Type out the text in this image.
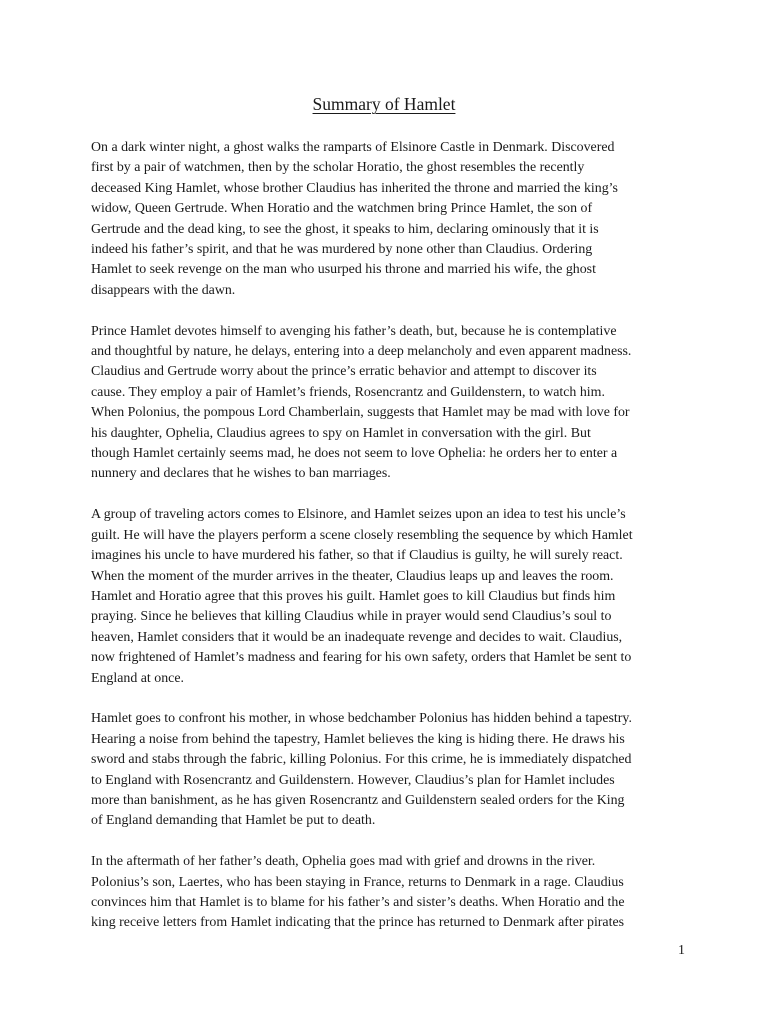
Summary of Hamlet

On a dark winter night, a ghost walks the ramparts of Elsinore Castle in Denmark. Discovered
first by a pair of watchmen, then by the scholar Horatio, the ghost resembles the recently
deceased King Hamlet, whose brother Claudius has inherited the throne and married the king’s
widow, Queen Gertrude. When Horatio and the watchmen bring Prince Hamlet, the son of
Gertrude and the dead king, to see the ghost, it speaks to him, declaring ominously that it is
indeed his father’s spirit, and that he was murdered by none other than Claudius. Ordering
Hamlet to seek revenge on the man who usurped his throne and married his wife, the ghost
disappears with the dawn.

Prince Hamlet devotes himself to avenging his father’s death, but, because he is contemplative
and thoughtful by nature, he delays, entering into a deep melancholy and even apparent madness.
Claudius and Gertrude worry about the prince’s erratic behavior and attempt to discover its
cause. They employ a pair of Hamlet’s friends, Rosencrantz and Guildenstern, to watch him.
When Polonius, the pompous Lord Chamberlain, suggests that Hamlet may be mad with love for
his daughter, Ophelia, Claudius agrees to spy on Hamlet in conversation with the girl. But
though Hamlet certainly seems mad, he does not seem to love Ophelia: he orders her to enter a
nunnery and declares that he wishes to ban marriages.

A group of traveling actors comes to Elsinore, and Hamlet seizes upon an idea to test his uncle’s
guilt. He will have the players perform a scene closely resembling the sequence by which Hamlet
imagines his uncle to have murdered his father, so that if Claudius is guilty, he will surely react.
When the moment of the murder arrives in the theater, Claudius leaps up and leaves the room.
Hamlet and Horatio agree that this proves his guilt. Hamlet goes to kill Claudius but finds him
praying. Since he believes that killing Claudius while in prayer would send Claudius’s soul to
heaven, Hamlet considers that it would be an inadequate revenge and decides to wait. Claudius,
now frightened of Hamlet’s madness and fearing for his own safety, orders that Hamlet be sent to
England at once.

Hamlet goes to confront his mother, in whose bedchamber Polonius has hidden behind a tapestry.
Hearing a noise from behind the tapestry, Hamlet believes the king is hiding there. He draws his
sword and stabs through the fabric, killing Polonius. For this crime, he is immediately dispatched
to England with Rosencrantz and Guildenstern. However, Claudius’s plan for Hamlet includes
more than banishment, as he has given Rosencrantz and Guildenstern sealed orders for the King
of England demanding that Hamlet be put to death.

In the aftermath of her father’s death, Ophelia goes mad with grief and drowns in the river.
Polonius’s son, Laertes, who has been staying in France, returns to Denmark in a rage. Claudius
convinces him that Hamlet is to blame for his father’s and sister’s deaths. When Horatio and the
king receive letters from Hamlet indicating that the prince has returned to Denmark after pirates

1
